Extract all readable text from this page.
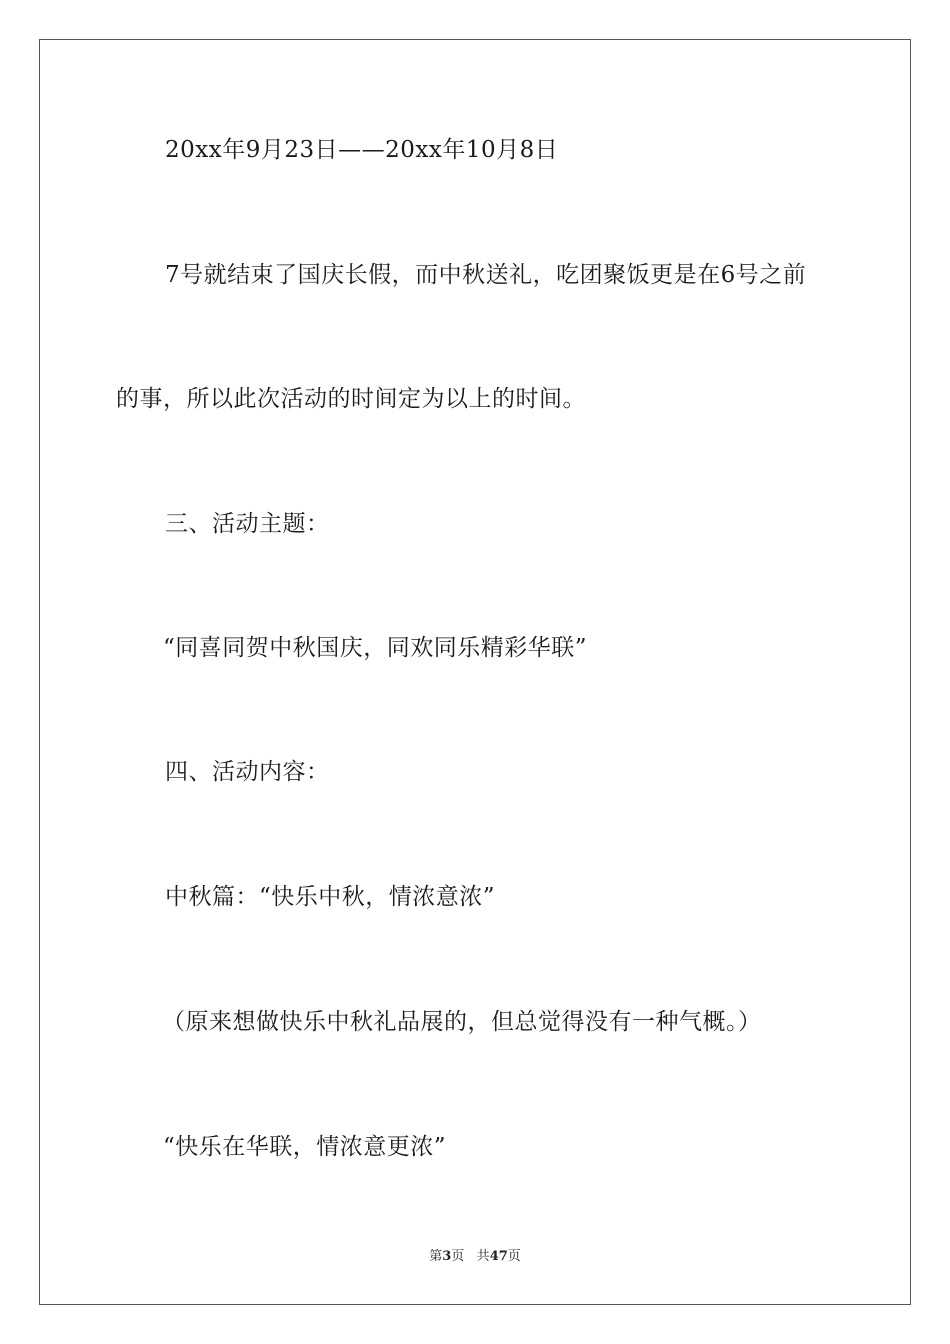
20xx年9月23日——20xx年10月8日
7号就结束了国庆长假，而中秋送礼，吃团聚饭更是在6号之前
的事，所以此次活动的时间定为以上的时间。
三、活动主题：
“同喜同贺中秋国庆，同欢同乐精彩华联”
四、活动内容：
中秋篇：“快乐中秋，情浓意浓”
（原来想做快乐中秋礼品展的，但总觉得没有一种气概。）
“快乐在华联，情浓意更浓”
第3页 共47页
